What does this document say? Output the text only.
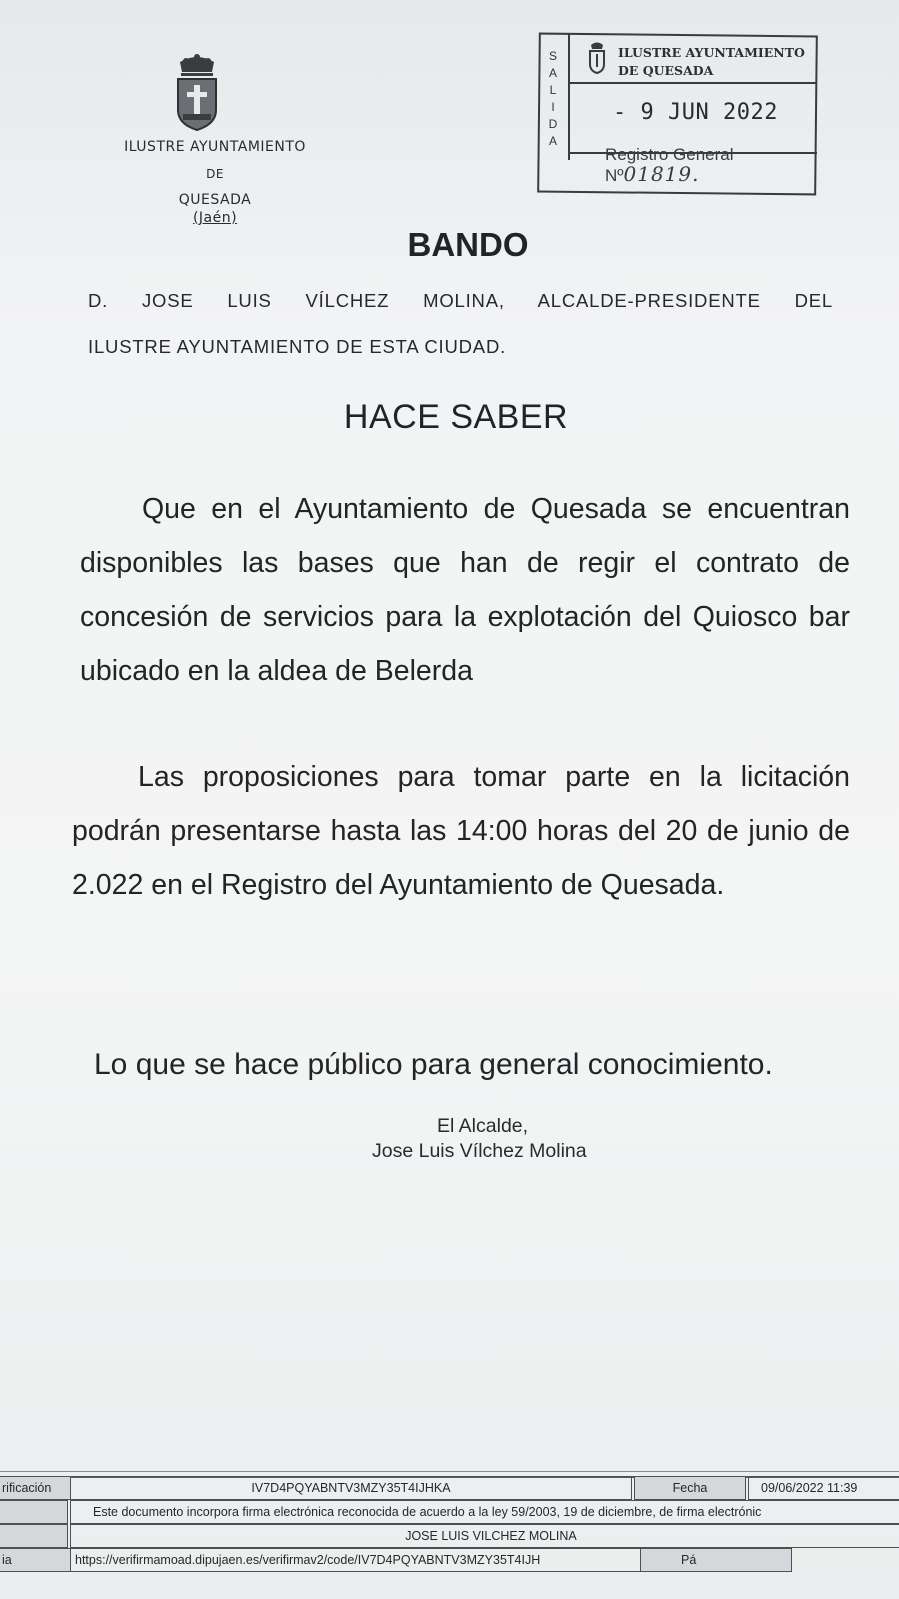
ILUSTRE AYUNTAMIENTO
DE
QUESADA
(Jaén)
S
A
L
I
D
A
ILUSTRE AYUNTAMIENTO
DE QUESADA
- 9 JUN 2022
Registro General
Nº01819.
BANDO
D. JOSE LUIS VÍLCHEZ MOLINA, ALCALDE-PRESIDENTE DEL
ILUSTRE AYUNTAMIENTO DE ESTA CIUDAD.
HACE SABER
Que en el Ayuntamiento de Quesada se encuentran disponibles las bases que han de regir el contrato de concesión de servicios para la explotación del Quiosco bar ubicado en la aldea de Belerda
Las proposiciones para tomar parte en la licitación podrán presentarse hasta las 14:00 horas del 20 de junio de 2.022 en el Registro del Ayuntamiento de Quesada.
Lo que se hace público para general conocimiento.
El Alcalde,
Jose Luis Vílchez Molina
rificación	IV7D4PQYABNTV3MZY35T4IJHKA	Fecha	09/06/2022 11:39
Este documento incorpora firma electrónica reconocida de acuerdo a la ley 59/2003, 19 de diciembre, de firma electrónic
JOSE LUIS VILCHEZ MOLINA
ia	https://verifirmamoad.dipujaen.es/verifirmav2/code/IV7D4PQYABNTV3MZY35T4IJH	Pá
